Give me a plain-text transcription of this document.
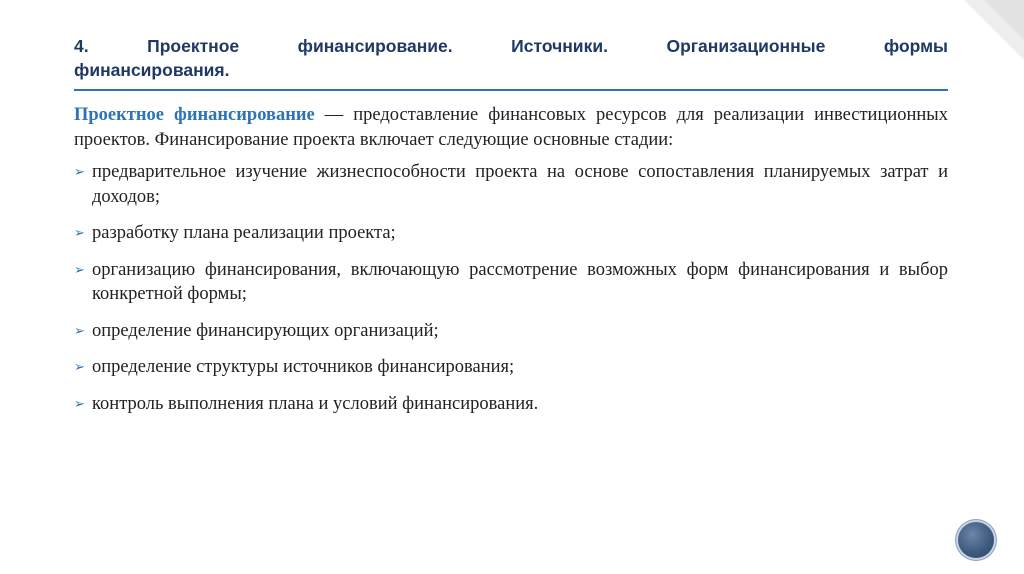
4.	Проектное	финансирование.	Источники.	Организационные	формы
финансирования.

Проектное финансирование — предоставление финансовых ресурсов для реализации инвестиционных проектов. Финансирование проекта включает следующие основные стадии:

➢ предварительное изучение жизнеспособности проекта на основе сопоставления планируемых затрат и доходов;
➢ разработку плана реализации проекта;
➢ организацию финансирования, включающую рассмотрение возможных форм финансирования и выбор конкретной формы;
➢ определение финансирующих организаций;
➢ определение структуры источников финансирования;
➢ контроль выполнения плана и условий финансирования.
